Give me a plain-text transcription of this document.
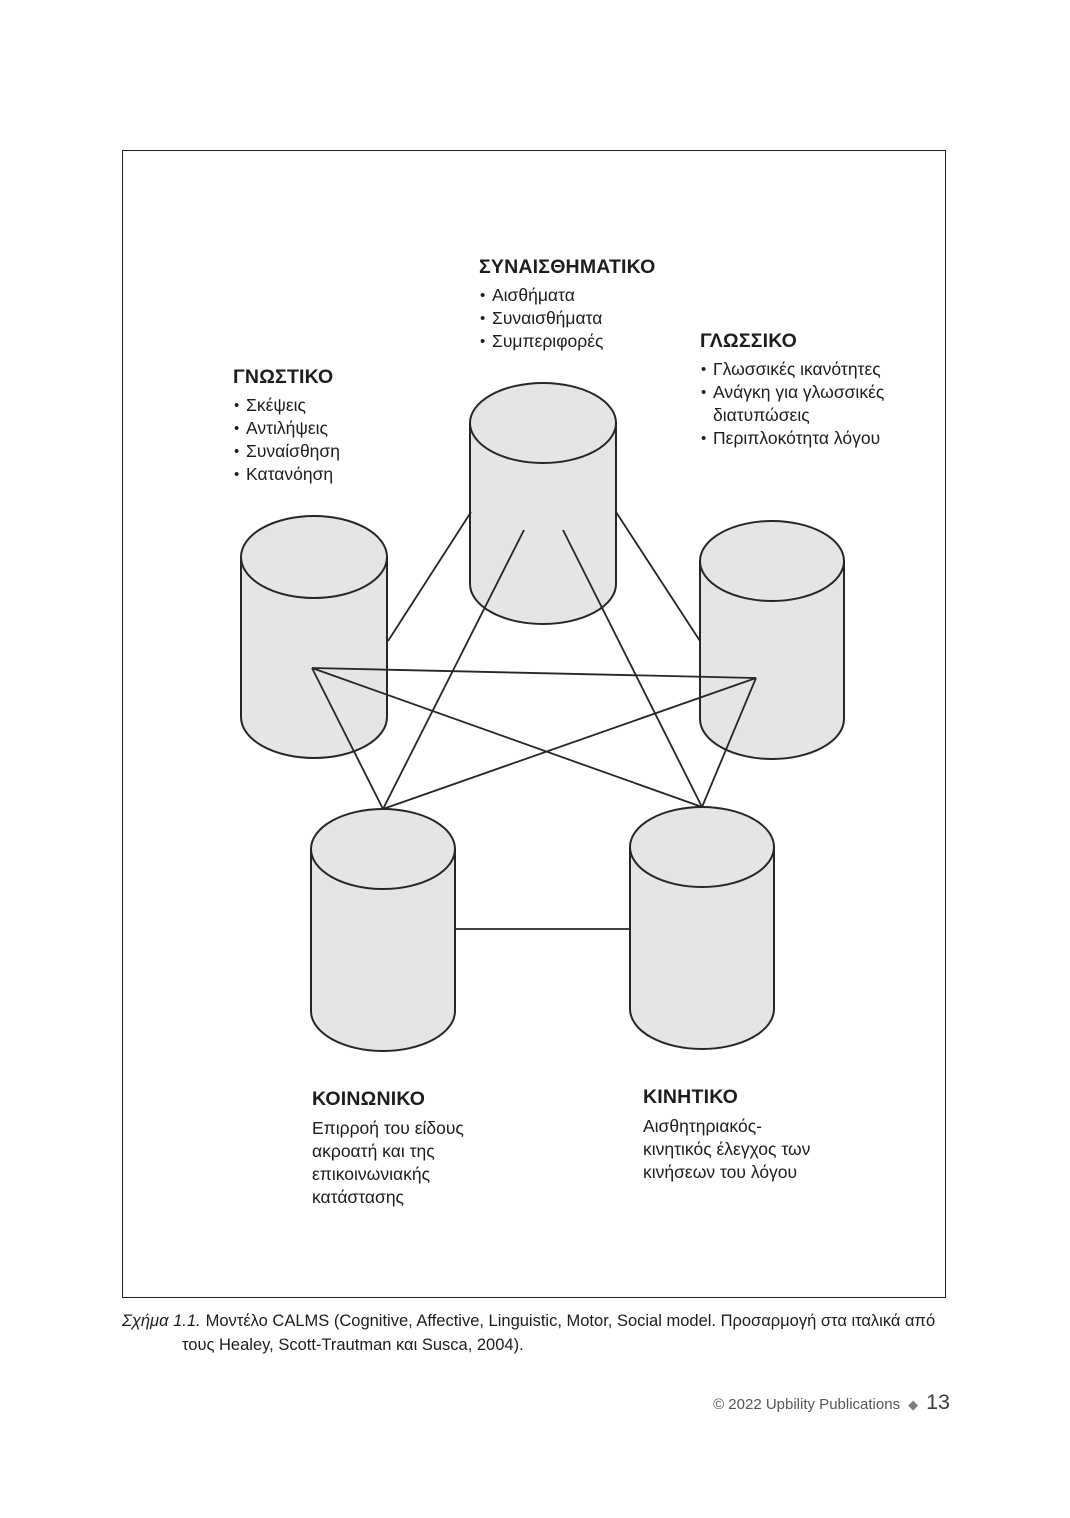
ΣΥΝΑΙΣΘΗΜΑΤΙΚΟ
• Αισθήματα
• Συναισθήματα
• Συμπεριφορές
ΓΝΩΣΤΙΚΟ
• Σκέψεις
• Αντιλήψεις
• Συναίσθηση
• Κατανόηση
ΓΛΩΣΣΙΚΟ
• Γλωσσικές ικανότητες
• Ανάγκη για γλωσσικές διατυπώσεις
• Περιπλοκότητα λόγου
ΚΟΙΝΩΝΙΚΟ
Επιρροή του είδους ακροατή και της επικοινωνιακής κατάστασης
ΚΙΝΗΤΙΚΟ
Αισθητηριακός-κινητικός έλεγχος των κινήσεων του λόγου
Σχήμα 1.1. Μοντέλο CALMS (Cognitive, Affective, Linguistic, Motor, Social model. Προσαρμογή στα ιταλικά από τους Healey, Scott-Trautman και Susca, 2004).
© 2022 Upbility Publications ◆ 13
